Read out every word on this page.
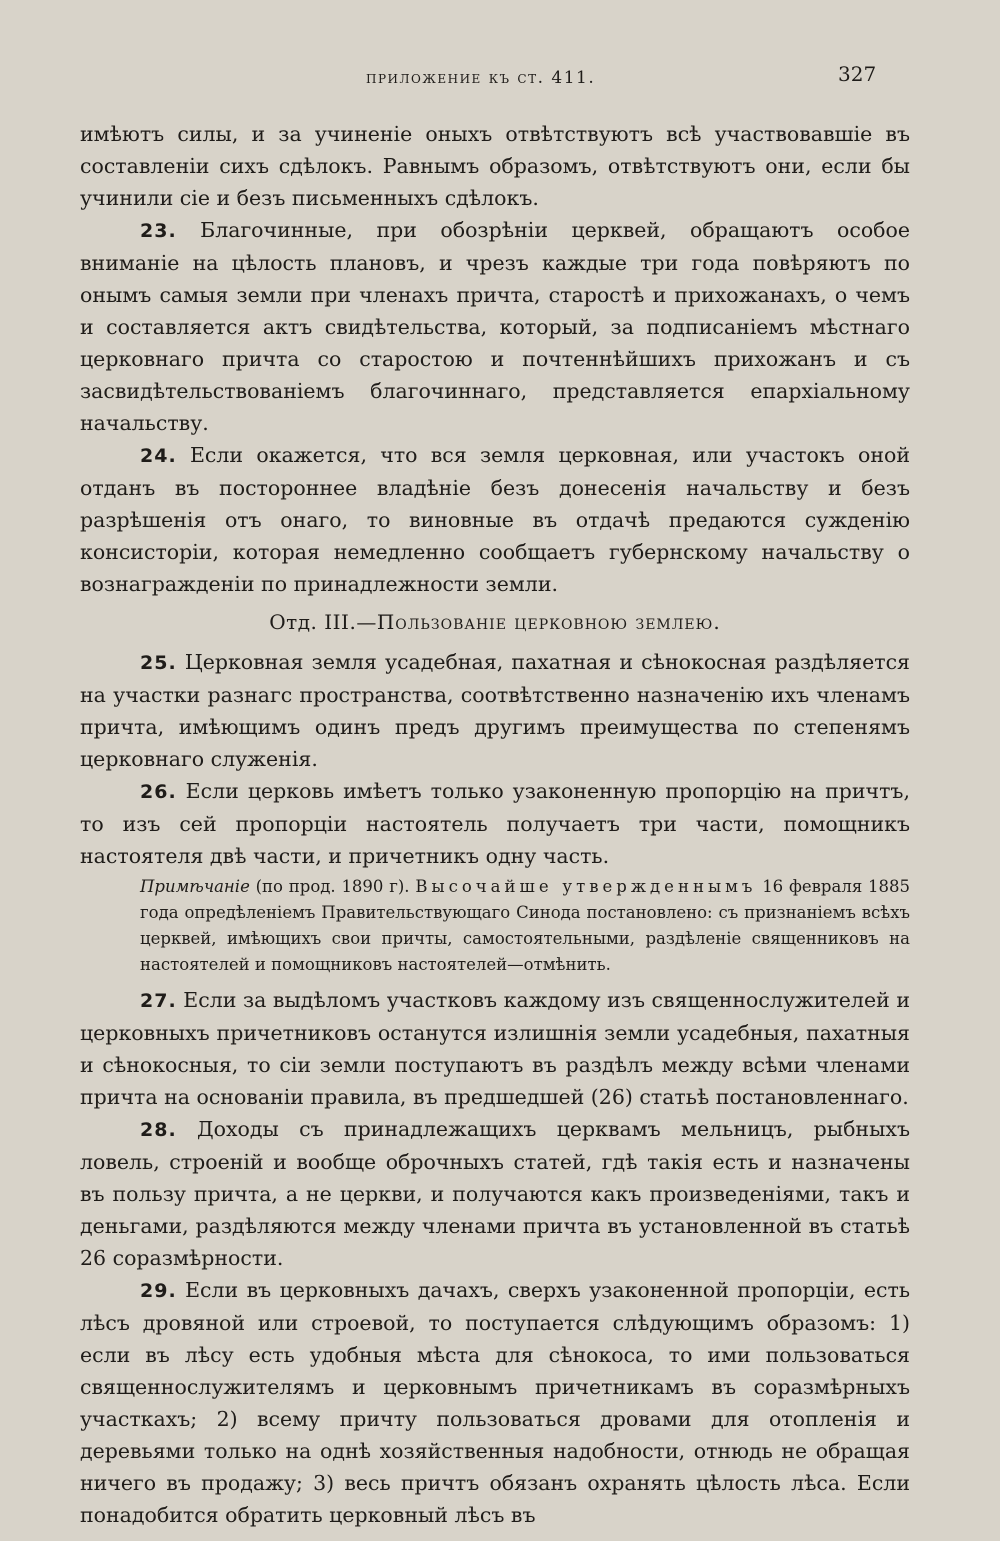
приложение къ ст. 411.	327

имѣютъ силы, и за учиненіе оныхъ отвѣтствуютъ всѣ участвовавшіе въ составленіи сихъ сдѣлокъ. Равнымъ образомъ, отвѣтствуютъ они, если бы учинили сіе и безъ письменныхъ сдѣлокъ.

23. Благочинные, при обозрѣніи церквей, обращаютъ особое вниманіе на цѣлость плановъ, и чрезъ каждые три года повѣряютъ по онымъ самыя земли при членахъ причта, старостѣ и прихожанахъ, о чемъ и составляется актъ свидѣтельства, который, за подписаніемъ мѣстнаго церковнаго причта со старостою и почтеннѣйшихъ прихожанъ и съ засвидѣтельствованіемъ благочиннаго, представляется епархіальному начальству.

24. Если окажется, что вся земля церковная, или участокъ оной отданъ въ постороннее владѣніе безъ донесенія начальству и безъ разрѣшенія отъ онаго, то виновные въ отдачѣ предаются сужденію консисторіи, которая немедленно сообщаетъ губернскому начальству о вознагражденіи по принадлежности земли.

Отд. III.—Пользованіе церковною землею.

25. Церковная земля усадебная, пахатная и сѣнокосная раздѣляется на участки разнагс пространства, соотвѣтственно назначенію ихъ членамъ причта, имѣющимъ одинъ предъ другимъ преимущества по степенямъ церковнаго служенія.

26. Если церковь имѣетъ только узаконенную пропорцію на причтъ, то изъ сей пропорціи настоятель получаетъ три части, помощникъ настоятеля двѣ части, и причетникъ одну часть.

Примѣчаніе (по прод. 1890 г). Высочайше утвержденнымъ 16 февраля 1885 года опредѣленіемъ Правительствующаго Синода постановлено: съ признаніемъ всѣхъ церквей, имѣющихъ свои причты, самостоятельными, раздѣленіе священниковъ на настоятелей и помощниковъ настоятелей—отмѣнить.

27. Если за выдѣломъ участковъ каждому изъ священнослужителей и церковныхъ причетниковъ останутся излишнія земли усадебныя, пахатныя и сѣнокосныя, то сіи земли поступаютъ въ раздѣлъ между всѣми членами причта на основаніи правила, въ предшедшей (26) статьѣ постановленнаго.

28. Доходы съ принадлежащихъ церквамъ мельницъ, рыбныхъ ловель, строеній и вообще оброчныхъ статей, гдѣ такія есть и назначены въ пользу причта, а не церкви, и получаются какъ произведеніями, такъ и деньгами, раздѣляются между членами причта въ установленной въ статьѣ 26 соразмѣрности.

29. Если въ церковныхъ дачахъ, сверхъ узаконенной пропорціи, есть лѣсъ дровяной или строевой, то поступается слѣдующимъ образомъ: 1) если въ лѣсу есть удобныя мѣста для сѣнокоса, то ими пользоваться священнослужителямъ и церковнымъ причетникамъ въ соразмѣрныхъ участкахъ; 2) всему причту пользоваться дровами для отопленія и деревьями только на однѣ хозяйственныя надобности, отнюдь не обращая ничего въ продажу; 3) весь причтъ обязанъ охранять цѣлость лѣса. Если понадобится обратить церковный лѣсъ въ
